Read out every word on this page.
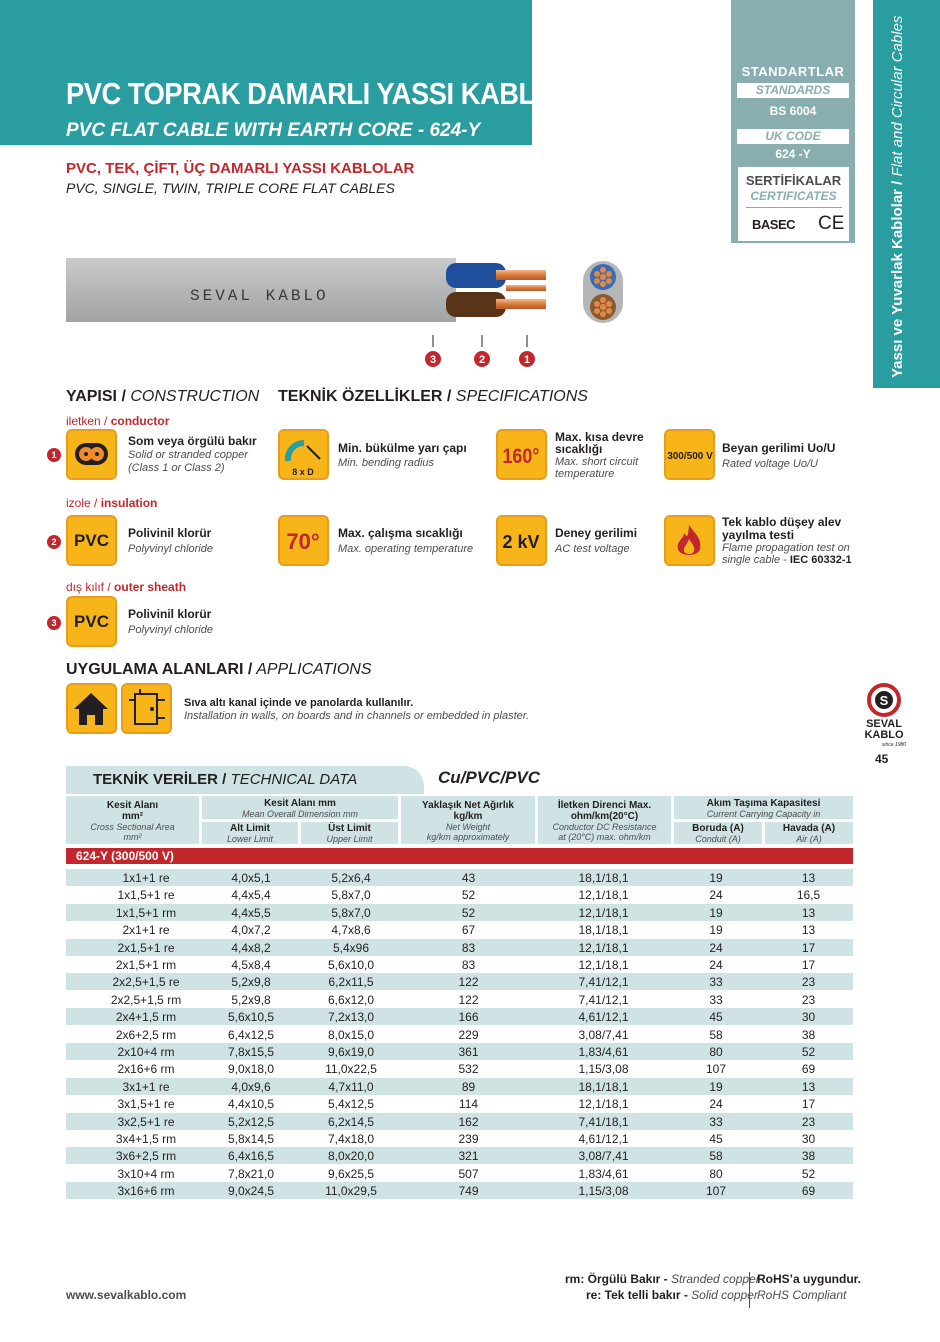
PVC TOPRAK DAMARLI YASSI KABLO
PVC FLAT CABLE WITH EARTH CORE - 624-Y
PVC, TEK, ÇİFT, ÜÇ DAMARLI YASSI KABLOLAR
PVC, SINGLE, TWIN, TRIPLE CORE FLAT CABLES
STANDARTLAR
STANDARDS
BS 6004
UK CODE
624 -Y
SERTİFİKALAR
CERTIFICATES
BASEC CE	Yassı ve Yuvarlak Kablolar / Flat and Circular Cables
SEVAL KABLO
3	2	1
YAPISI / CONSTRUCTION
iletken / conductor
1
Som veya örgülü bakır
Solid or stranded copper
(Class 1 or Class 2)
izole / insulation
2	PVC	Polivinil klorür
Polyvinyl chloride
dış kılıf / outer sheath
3	PVC	Polivinil klorür
Polyvinyl chloride
TEKNİK ÖZELLİKLER / SPECIFICATIONS
8 x D
Min. bükülme yarı çapı
Min. bending radius	160°
Max. kısa devre
sıcaklığı
Max. short circuit
temperature
300/500 V
Beyan gerilimi Uo/U
Rated voltage Uo/U
70° Max. çalışma sıcaklığı
Max. operating temperature 2 kV Deney gerilimi
AC test voltage
Tek kablo düşey alev
yayılma testi
Flame propagation test on
single cable - IEC 60332-1
UYGULAMA ALANLARI / APPLICATIONS
Sıva altı kanal içinde ve panolarda kullanılır.
Installation in walls, on boards and in channels or embedded in plaster.
S
SEVAL
KABLO
since 1980
45
TEKNİK VERİLER / TECHNICAL DATA	Cu/PVC/PVC
Kesit Alanı
mm²
Cross Sectional Area
mm²
Kesit Alanı mm
Mean Overall Dimension mm
Alt Limit
Lower Limit
Üst Limit
Upper Limit
Yaklaşık Net Ağırlık
kg/km
Net Weight
kg/km approximately
İletken Direnci Max.
ohm/km(20°C)
Conductor DC Resistance
at (20°C) max. ohm/km
Akım Taşıma Kapasitesi
Current Carrying Capacity in
Boruda (A)
Conduit (A)
Havada (A)
Air (A)
624-Y (300/500 V)
1x1+1 re	4,0x5,1	5,2x6,4	43	18,1/18,1	19	13
1x1,5+1 re	4,4x5,4	5,8x7,0	52	12,1/18,1	24	16,5
1x1,5+1 rm	4,4x5,5	5,8x7,0	52	12,1/18,1	19	13
2x1+1 re	4,0x7,2	4,7x8,6	67	18,1/18,1	19	13
2x1,5+1 re	4,4x8,2	5,4x96	83	12,1/18,1	24	17
2x1,5+1 rm	4,5x8,4	5,6x10,0	83	12,1/18,1	24	17
2x2,5+1,5 re	5,2x9,8	6,2x11,5	122	7,41/12,1	33	23
2x2,5+1,5 rm	5,2x9,8	6,6x12,0	122	7,41/12,1	33	23
2x4+1,5 rm	5,6x10,5	7,2x13,0	166	4,61/12,1	45	30
2x6+2,5 rm	6,4x12,5	8,0x15,0	229	3,08/7,41	58	38
2x10+4 rm	7,8x15,5	9,6x19,0	361	1,83/4,61	80	52
2x16+6 rm	9,0x18,0	11,0x22,5	532	1,15/3,08	107	69
3x1+1 re	4,0x9,6	4,7x11,0	89	18,1/18,1	19	13
3x1,5+1 re	4,4x10,5	5,4x12,5	114	12,1/18,1	24	17
3x2,5+1 re	5,2x12,5	6,2x14,5	162	7,41/18,1	33	23
3x4+1,5 rm	5,8x14,5	7,4x18,0	239	4,61/12,1	45	30
3x6+2,5 rm	6,4x16,5	8,0x20,0	321	3,08/7,41	58	38
3x10+4 rm	7,8x21,0	9,6x25,5	507	1,83/4,61	80	52
3x16+6 rm	9,0x24,5	11,0x29,5	749	1,15/3,08	107	69
www.sevalkablo.com
rm: Örgülü Bakır - Stranded copper
re: Tek telli bakır - Solid copper
RoHS’a uygundur.
RoHS Compliant
